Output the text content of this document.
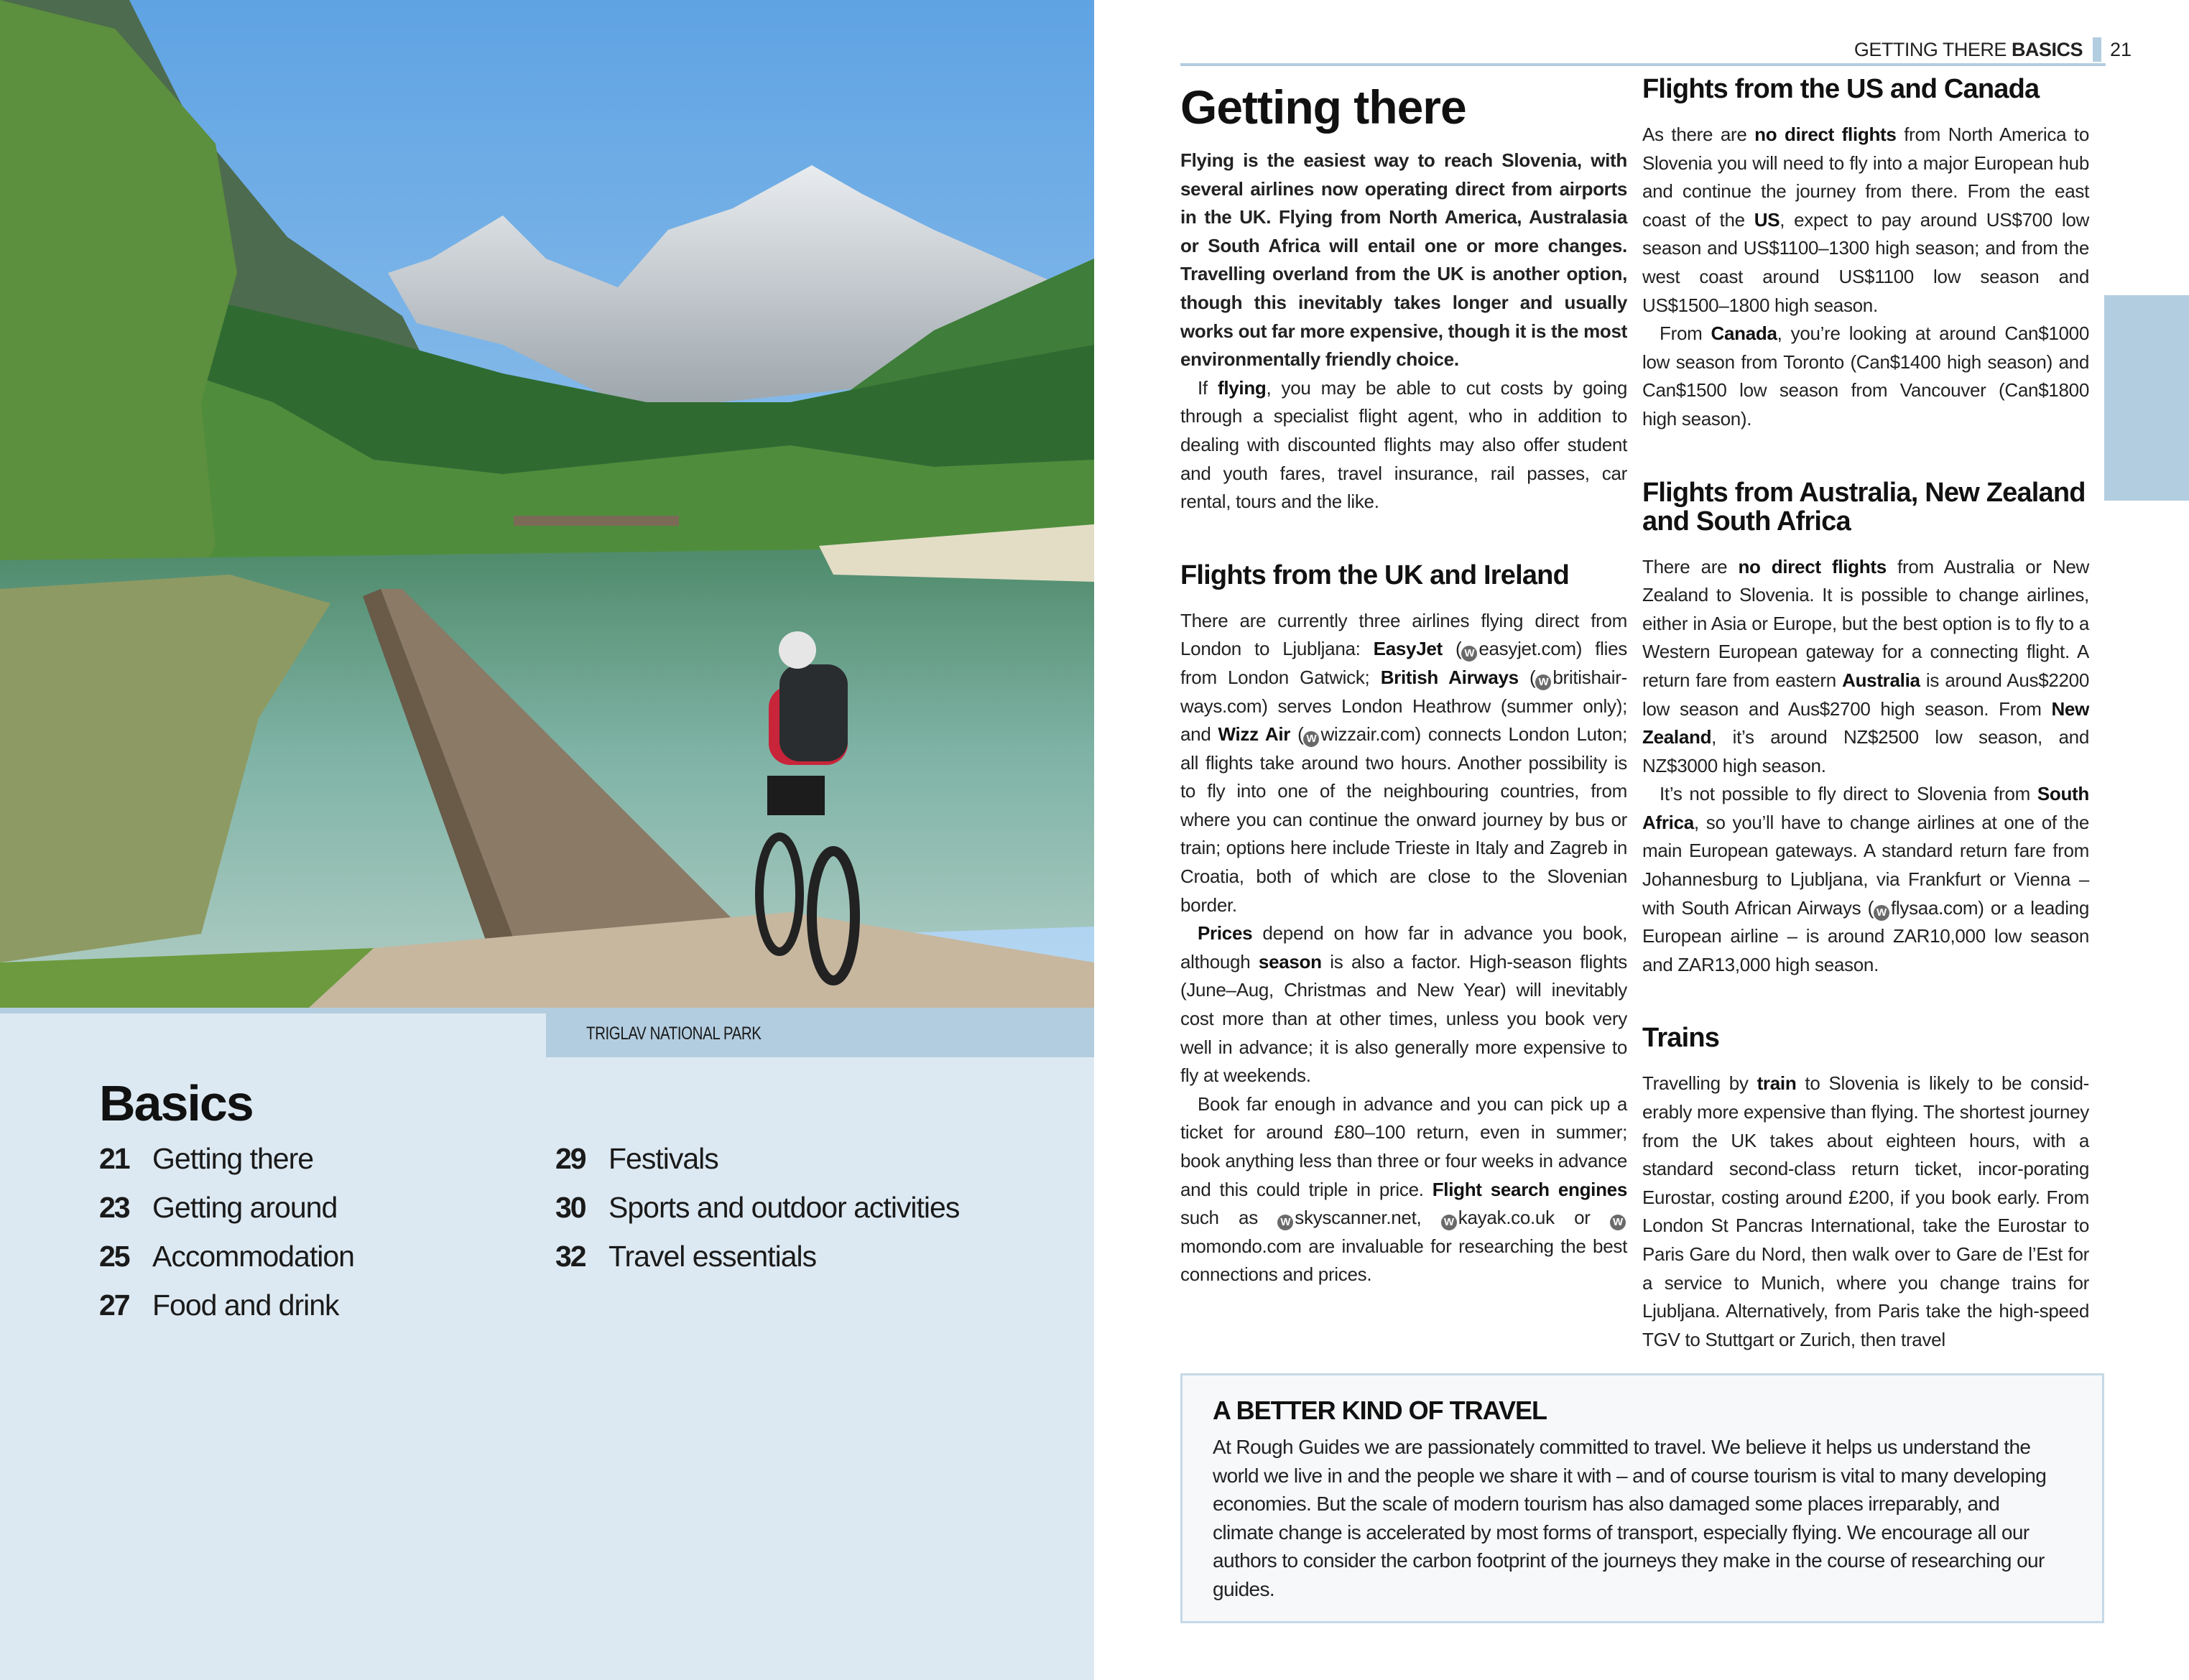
TRIGLAV NATIONAL PARK
Basics
21 Getting there
23 Getting around
25 Accommodation
27 Food and drink
29 Festivals
30 Sports and outdoor activities
32 Travel essentials
GETTING THERE BASICS 21
Getting there

Flying is the easiest way to reach Slovenia, with several airlines now operating direct from airports in the UK. Flying from North America, Australasia or South Africa will entail one or more changes. Travelling overland from the UK is another option, though this inevitably takes longer and usually works out far more expensive, though it is the most environmentally friendly choice.

If flying, you may be able to cut costs by going through a specialist flight agent, who in addition to dealing with discounted flights may also offer student and youth fares, travel insurance, rail passes, car rental, tours and the like.

Flights from the UK and Ireland

There are currently three airlines flying direct from London to Ljubljana: EasyJet ( W easyjet.com) flies from London Gatwick; British Airways ( W britishair-ways.com) serves London Heathrow (summer only); and Wizz Air ( W wizzair.com) connects London Luton; all flights take around two hours. Another possibility is to fly into one of the neighbouring countries, from where you can continue the onward journey by bus or train; options here include Trieste in Italy and Zagreb in Croatia, both of which are close to the Slovenian border.

Prices depend on how far in advance you book, although season is also a factor. High-season flights (June–Aug, Christmas and New Year) will inevitably cost more than at other times, unless you book very well in advance; it is also generally more expensive to fly at weekends.

Book far enough in advance and you can pick up a ticket for around £80–100 return, even in summer; book anything less than three or four weeks in advance and this could triple in price. Flight search engines such as W skyscanner.net, W kayak.co.uk or Wmomondo.com are invaluable for researching the best connections and prices.

Flights from the US and Canada

As there are no direct flights from North America to Slovenia you will need to fly into a major European hub and continue the journey from there. From the east coast of the US, expect to pay around US$700 low season and US$1100–1300 high season; and from the west coast around US$1100 low season and US$1500–1800 high season.

From Canada, you’re looking at around Can$1000 low season from Toronto (Can$1400 high season) and Can$1500 low season from Vancouver (Can$1800 high season).

Flights from Australia, New Zealand and South Africa

There are no direct flights from Australia or New Zealand to Slovenia. It is possible to change airlines, either in Asia or Europe, but the best option is to fly to a Western European gateway for a connecting flight. A return fare from eastern Australia is around Aus$2200 low season and Aus$2700 high season. From New Zealand, it’s around NZ$2500 low season, and NZ$3000 high season.

It’s not possible to fly direct to Slovenia from South Africa, so you’ll have to change airlines at one of the main European gateways. A standard return fare from Johannesburg to Ljubljana, via Frankfurt or Vienna – with South African Airways ( W flysaa.com) or a leading European airline – is around ZAR10,000 low season and ZAR13,000 high season.

Trains

Travelling by train to Slovenia is likely to be consid-erably more expensive than flying. The shortest journey from the UK takes about eighteen hours, with a standard second-class return ticket, incor-porating Eurostar, costing around £200, if you book early. From London St Pancras International, take the Eurostar to Paris Gare du Nord, then walk over to Gare de l’Est for a service to Munich, where you change trains for Ljubljana. Alternatively, from Paris take the high-speed TGV to Stuttgart or Zurich, then travel

A BETTER KIND OF TRAVEL
At Rough Guides we are passionately committed to travel. We believe it helps us understand the world we live in and the people we share it with – and of course tourism is vital to many developing economies. But the scale of modern tourism has also damaged some places irreparably, and climate change is accelerated by most forms of transport, especially flying. We encourage all our authors to consider the carbon footprint of the journeys they make in the course of researching our guides.
